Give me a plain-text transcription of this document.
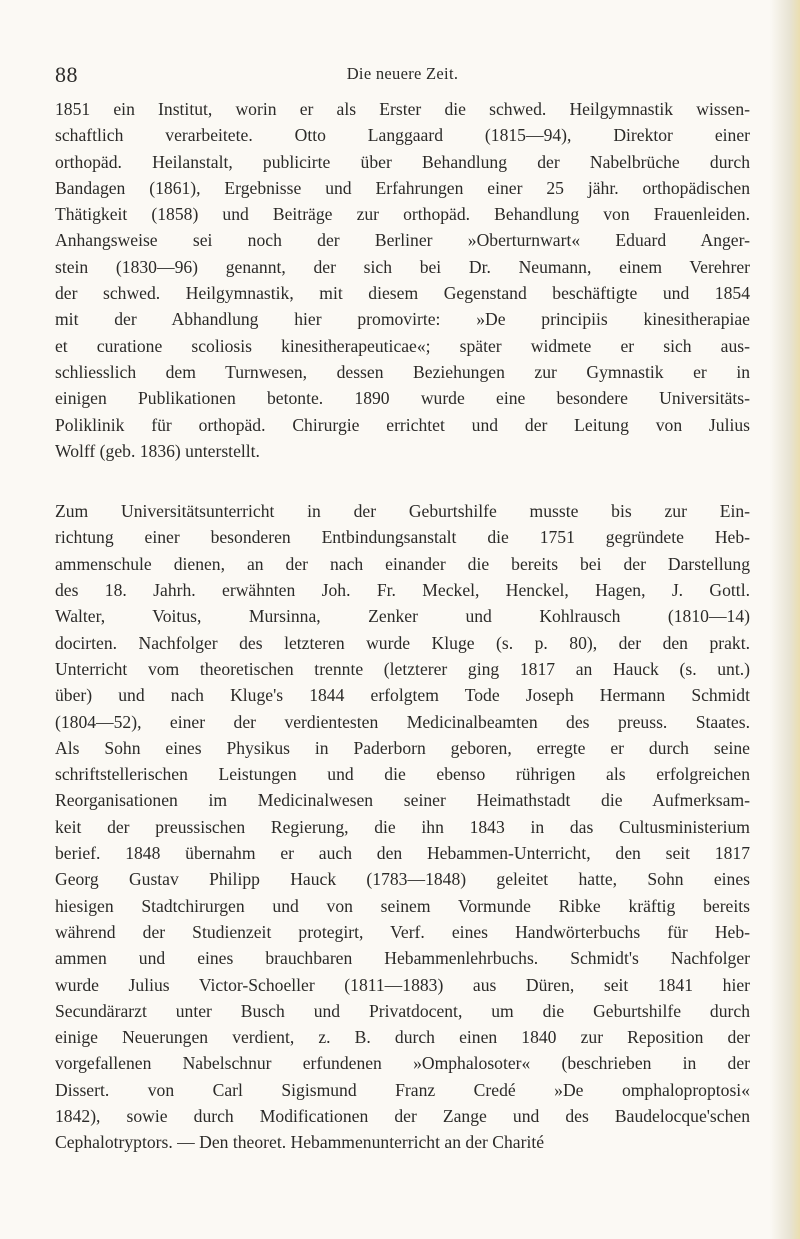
88	Die neuere Zeit.
1851 ein Institut, worin er als Erster die schwed. Heilgymnastik wissen-
schaftlich verarbeitete. Otto Langgaard (1815—94), Direktor einer
orthopäd. Heilanstalt, publicirte über Behandlung der Nabelbrüche durch
Bandagen (1861), Ergebnisse und Erfahrungen einer 25 jähr. orthopädischen
Thätigkeit (1858) und Beiträge zur orthopäd. Behandlung von Frauenleiden.
Anhangsweise sei noch der Berliner »Oberturnwart« Eduard Anger-
stein (1830—96) genannt, der sich bei Dr. Neumann, einem Verehrer
der schwed. Heilgymnastik, mit diesem Gegenstand beschäftigte und 1854
mit der Abhandlung hier promovirte: »De principiis kinesitherapiae
et curatione scoliosis kinesitherapeuticae«; später widmete er sich aus-
schliesslich dem Turnwesen, dessen Beziehungen zur Gymnastik er in
einigen Publikationen betonte. 1890 wurde eine besondere Universitäts-
Poliklinik für orthopäd. Chirurgie errichtet und der Leitung von Julius
Wolff (geb. 1836) unterstellt.
Zum Universitätsunterricht in der Geburtshilfe musste bis zur Ein-
richtung einer besonderen Entbindungsanstalt die 1751 gegründete Heb-
ammenschule dienen, an der nach einander die bereits bei der Darstellung
des 18. Jahrh. erwähnten Joh. Fr. Meckel, Henckel, Hagen, J. Gottl.
Walter, Voitus, Mursinna, Zenker und Kohlrausch (1810—14)
docirten. Nachfolger des letzteren wurde Kluge (s. p. 80), der den prakt.
Unterricht vom theoretischen trennte (letzterer ging 1817 an Hauck (s. unt.)
über) und nach Kluge's 1844 erfolgtem Tode Joseph Hermann Schmidt
(1804—52), einer der verdientesten Medicinalbeamten des preuss. Staates.
Als Sohn eines Physikus in Paderborn geboren, erregte er durch seine
schriftstellerischen Leistungen und die ebenso rührigen als erfolgreichen
Reorganisationen im Medicinalwesen seiner Heimathstadt die Aufmerksam-
keit der preussischen Regierung, die ihn 1843 in das Cultusministerium
berief. 1848 übernahm er auch den Hebammen-Unterricht, den seit 1817
Georg Gustav Philipp Hauck (1783—1848) geleitet hatte, Sohn eines
hiesigen Stadtchirurgen und von seinem Vormunde Ribke kräftig bereits
während der Studienzeit protegirt, Verf. eines Handwörterbuchs für Heb-
ammen und eines brauchbaren Hebammenlehrbuchs. Schmidt's Nachfolger
wurde Julius Victor-Schoeller (1811—1883) aus Düren, seit 1841 hier
Secundärarzt unter Busch und Privatdocent, um die Geburtshilfe durch
einige Neuerungen verdient, z. B. durch einen 1840 zur Reposition der
vorgefallenen Nabelschnur erfundenen »Omphalosoter« (beschrieben in der
Dissert. von Carl Sigismund Franz Credé »De omphaloproptosi«
1842), sowie durch Modificationen der Zange und des Baudelocque'schen
Cephalotryptors. — Den theoret. Hebammenunterricht an der Charité
